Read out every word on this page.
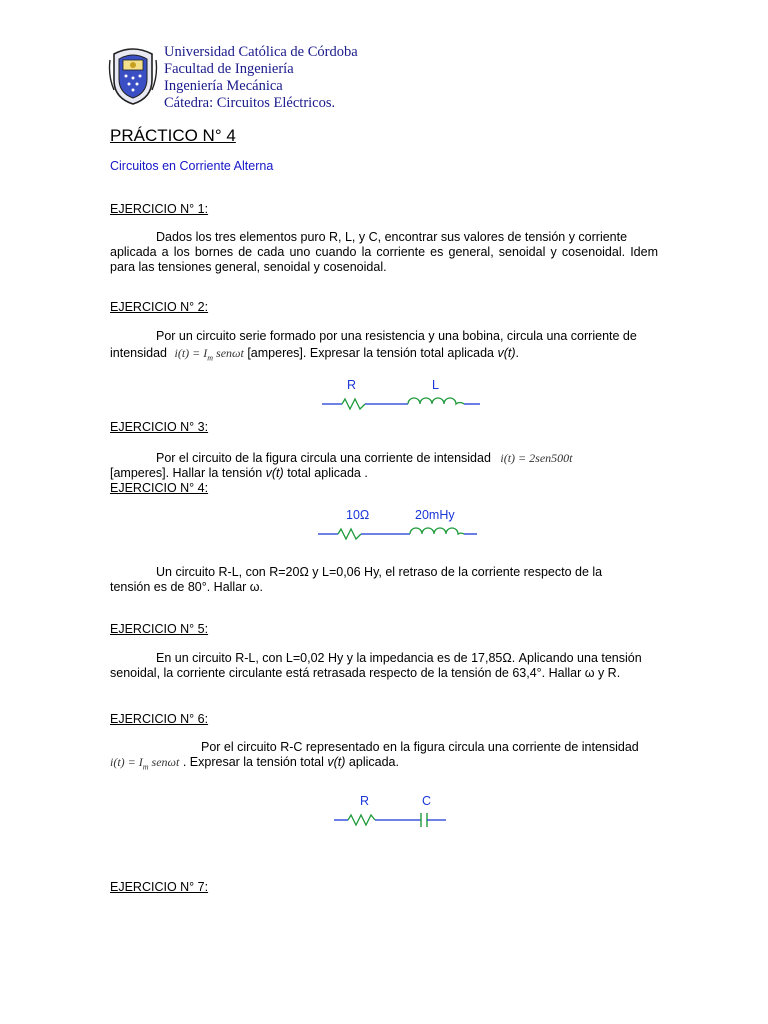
Universidad Católica de Córdoba
Facultad de Ingeniería
Ingeniería Mecánica
Cátedra: Circuitos Eléctricos.
PRÁCTICO N° 4
Circuitos en Corriente Alterna
EJERCICIO N° 1:
Dados los tres elementos puro R, L, y C, encontrar sus valores de tensión y corriente
aplicada a los bornes de cada uno cuando la corriente es general, senoidal y cosenoidal. Idem para las tensiones general, senoidal y cosenoidal.
EJERCICIO N° 2:
Por un circuito serie formado por una resistencia y una bobina, circula una corriente de
intensidad $i(t) = I_m$ senωt [amperes]. Expresar la tensión total aplicada v(t).
R	L
EJERCICIO N° 3:
Por el circuito de la figura circula una corriente de intensidad i(t) = 2sen500t
[amperes]. Hallar la tensión v(t) total aplicada .
EJERCICIO N° 4:
10Ω	20mHy
Un circuito R-L, con R=20Ω y L=0,06 Hy, el retraso de la corriente respecto de la
tensión es de 80°. Hallar ω.
EJERCICIO N° 5:
En un circuito R-L, con L=0,02 Hy y la impedancia es de 17,85Ω. Aplicando una tensión
senoidal, la corriente circulante está retrasada respecto de la tensión de 63,4°. Hallar ω y R.
EJERCICIO N° 6:
Por el circuito R-C representado en la figura circula una corriente de intensidad
$i(t) = I_m$ senωt . Expresar la tensión total v(t) aplicada.
R	C
EJERCICIO N° 7:
